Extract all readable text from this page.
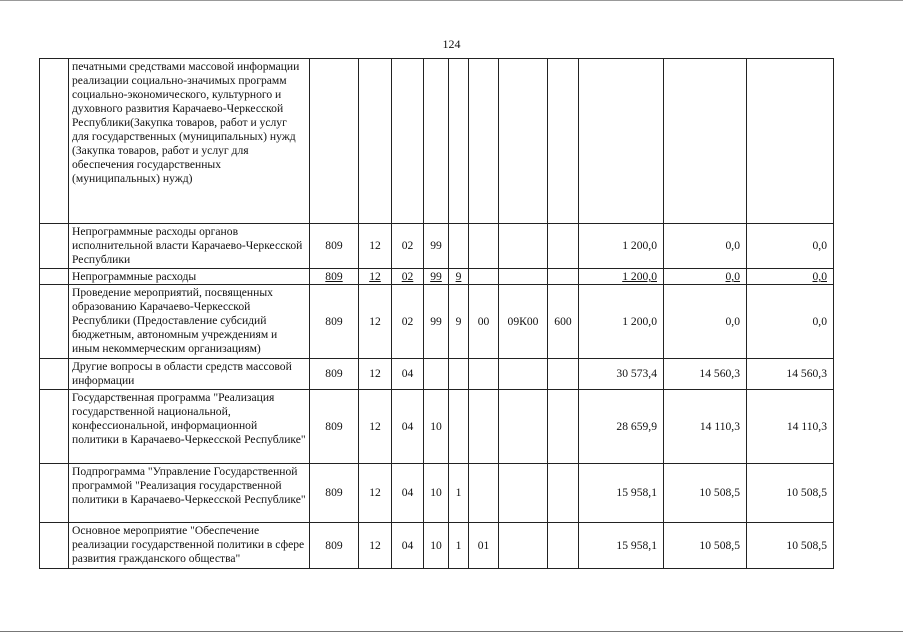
124
	печатными средствами массовой информации реализации социально-значимых программ социально-экономического, культурного и духовного развития Карачаево-Черкесской Республики(Закупка товаров, работ и услуг для государственных (муниципальных) нужд (Закупка товаров, работ и услуг для обеспечения государственных (муниципальных) нужд)											
	Непрограммные расходы органов исполнительной власти Карачаево-Черкесской Республики	809	12	02	99					1 200,0	0,0	0,0
	Непрограммные расходы	809	12	02	99	9				1 200,0	0,0	0,0
	Проведение мероприятий, посвященных образованию Карачаево-Черкесской Республики (Предоставление субсидий бюджетным, автономным учреждениям и иным некоммерческим организациям)	809	12	02	99	9	00	09К00	600	1 200,0	0,0	0,0
	Другие вопросы в области средств массовой информации	809	12	04						30 573,4	14 560,3	14 560,3
	Государственная программа "Реализация государственной национальной, конфессиональной, информационной политики в Карачаево-Черкесской Республике"	809	12	04	10					28 659,9	14 110,3	14 110,3
	Подпрограмма "Управление Государственной программой "Реализация государственной политики в Карачаево-Черкесской Республике"	809	12	04	10	1				15 958,1	10 508,5	10 508,5
	Основное мероприятие "Обеспечение реализации государственной политики в сфере развития гражданского общества"	809	12	04	10	1	01			15 958,1	10 508,5	10 508,5
